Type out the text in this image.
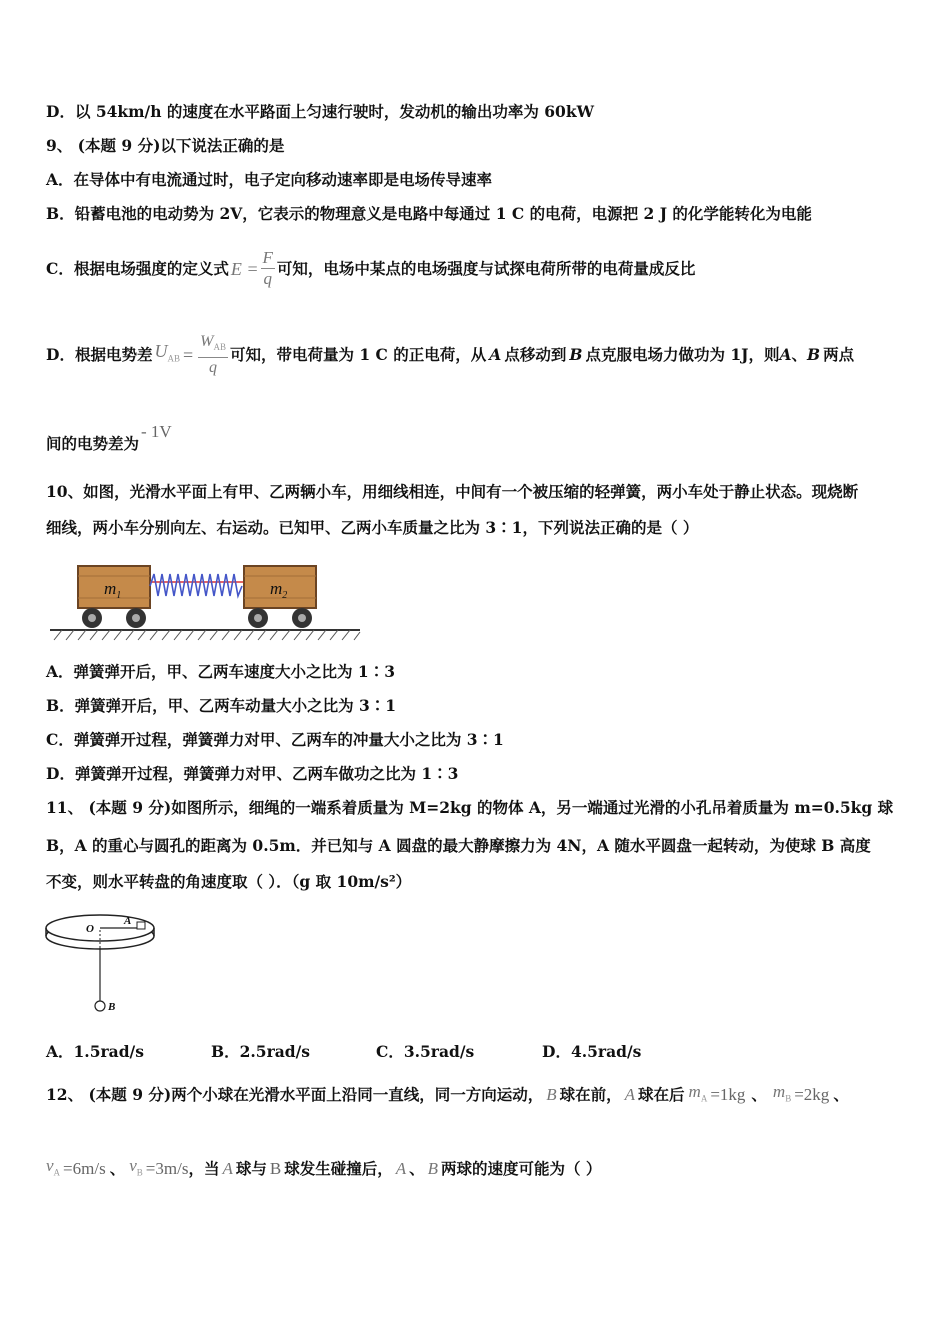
D．以 54km/h 的速度在水平路面上匀速行驶时，发动机的输出功率为 60kW
9、 (本题 9 分)以下说法正确的是
A．在导体中有电流通过时，电子定向移动速率即是电场传导速率
B．铅蓄电池的电动势为 2V，它表示的物理意义是电路中每通过 1 C 的电荷，电源把 2 J 的化学能转化为电能
C．根据电场强度的定义式 $E = \frac{F}{q}$ 可知，电场中某点的电场强度与试探电荷所带的电荷量成反比
D．根据电势差 $U_{AB} = \frac{W_{AB}}{q}$ 可知，带电荷量为 1 C 的正电荷，从 A 点移动到 B 点克服电场力做功为 1J，则 A 、 B 两点
间的电势差为- 1V
10、如图，光滑水平面上有甲、乙两辆小车，用细线相连，中间有一个被压缩的轻弹簧，两小车处于静止状态。现烧断
细线，两小车分别向左、右运动。已知甲、乙两小车质量之比为 3∶1，下列说法正确的是（ ）
$m_1$	$m_2$
A．弹簧弹开后，甲、乙两车速度大小之比为 1∶3
B．弹簧弹开后，甲、乙两车动量大小之比为 3∶1
C．弹簧弹开过程，弹簧弹力对甲、乙两车的冲量大小之比为 3∶1
D．弹簧弹开过程，弹簧弹力对甲、乙两车做功之比为 1∶3
11、 (本题 9 分)如图所示，细绳的一端系着质量为 M=2kg 的物体 A，另一端通过光滑的小孔吊着质量为 m=0.5kg 球
B，A 的重心与圆孔的距离为 0.5m．并已知与 A 圆盘的最大静摩擦力为 4N，A 随水平圆盘一起转动，为使球 B 高度
不变，则水平转盘的角速度取（ ）．（g 取 10m/s²）
O
A
B
A．1.5rad/s	B．2.5rad/s	C．3.5rad/s	D．4.5rad/s
12、 (本题 9 分)两个小球在光滑水平面上沿同一直线，同一方向运动， B 球在前， A 球在后 $m_A =1kg$ 、 $m_B =2kg$ 、
$v_A =6m/s$ 、 $v_B =3m/s$ ，当 A 球与 B 球发生碰撞后， A 、 B 两球的速度可能为（ ）
